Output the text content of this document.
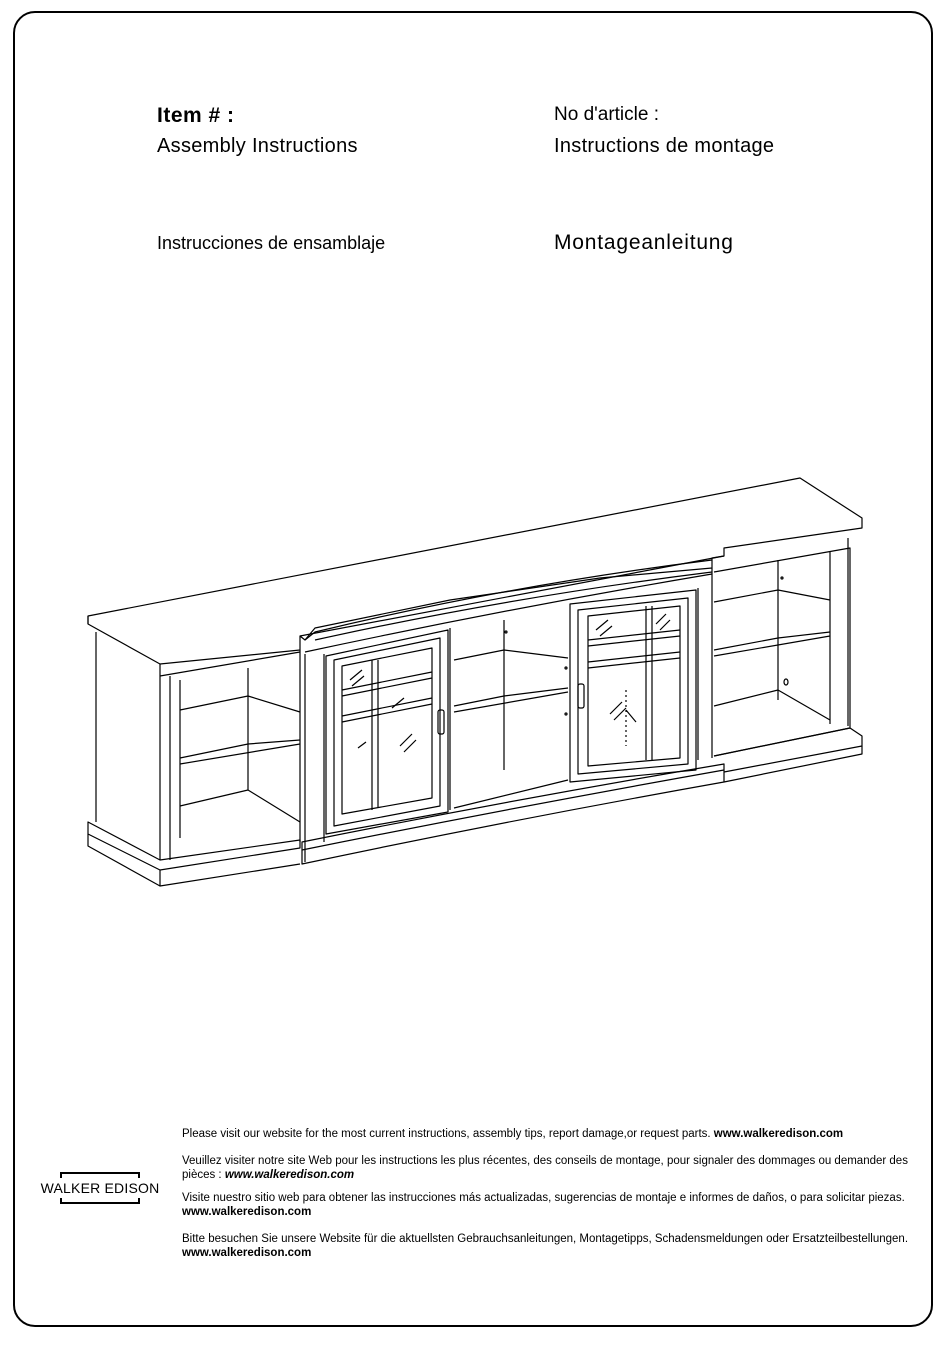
Item # :
Assembly Instructions
No d'article :
Instructions de montage
Instrucciones de ensamblaje	Montageanleitung
WALKER EDISON
Please visit our website for the most current instructions, assembly tips, report damage,or request parts. www.walkeredison.com
Veuillez visiter notre site Web pour les instructions les plus récentes, des conseils de montage, pour signaler des dommages ou demander des pièces : www.walkeredison.com
Visite nuestro sitio web para obtener las instrucciones más actualizadas, sugerencias de montaje e informes de daños, o para solicitar piezas. www.walkeredison.com
Bitte besuchen Sie unsere Website für die aktuellsten Gebrauchsanleitungen, Montagetipps, Schadensmeldungen oder Ersatzteilbestellungen. www.walkeredison.com
